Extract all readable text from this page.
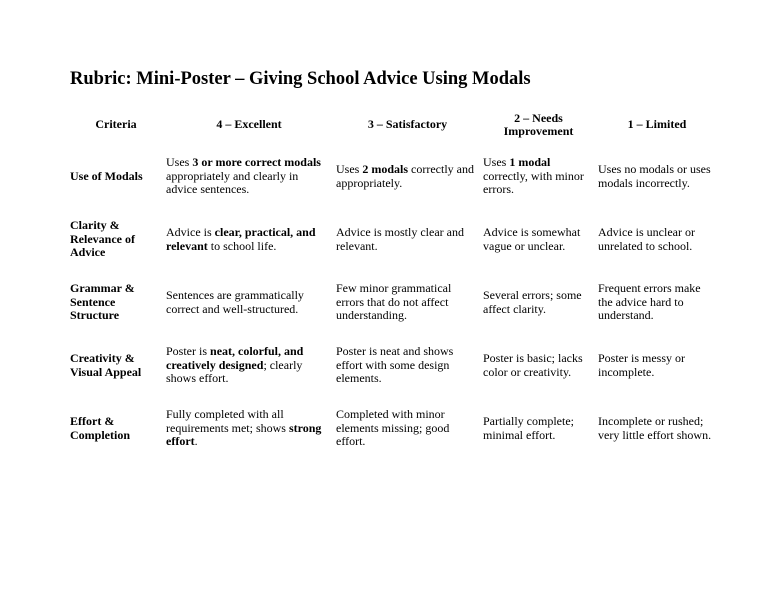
Rubric: Mini-Poster – Giving School Advice Using Modals
Criteria	4 – Excellent	3 – Satisfactory	2 – Needs Improvement	1 – Limited
Use of Modals	Uses 3 or more correct modals appropriately and clearly in advice sentences.	Uses 2 modals correctly and appropriately.	Uses 1 modal correctly, with minor errors.	Uses no modals or uses modals incorrectly.
Clarity & Relevance of Advice	Advice is clear, practical, and relevant to school life.	Advice is mostly clear and relevant.	Advice is somewhat vague or unclear.	Advice is unclear or unrelated to school.
Grammar & Sentence Structure	Sentences are grammatically correct and well-structured.	Few minor grammatical errors that do not affect understanding.	Several errors; some affect clarity.	Frequent errors make the advice hard to understand.
Creativity & Visual Appeal	Poster is neat, colorful, and creatively designed; clearly shows effort.	Poster is neat and shows effort with some design elements.	Poster is basic; lacks color or creativity.	Poster is messy or incomplete.
Effort & Completion	Fully completed with all requirements met; shows strong effort.	Completed with minor elements missing; good effort.	Partially complete; minimal effort.	Incomplete or rushed; very little effort shown.
